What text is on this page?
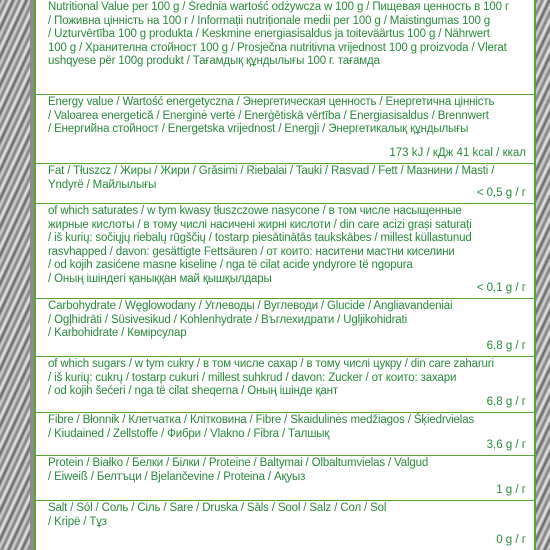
Nutritional Value per 100 g / Średnia wartość odżywcza w 100 g / Пищевая ценность в 100 г
/ Поживна цінність на 100 г / Informații nutriționale medii per 100 g / Maistingumas 100 g
/ Uzturvērtība 100 g produkta / Keskmine energiasisaldus ja toiteväärtus 100 g / Nährwert
100 g / Хранителна стойност 100 g / Prosječna nutritivna vrijednost 100 g proizvoda / Vlerat
ushqyese për 100g produkt / Тағамдық құндылығы 100 г. тағамда
Energy value / Wartość energetyczna / Энергетическая ценность / Енергетична цінність
/ Valoarea energetică / Energinė vertė / Enerģētiskā vērtība / Energiasisaldus / Brennwert
/ Енергийна стойност / Energetska vrijednost / Energji / Энергетикалық құндылығы
173 kJ / кДж 41 kcal / ккал
Fat / Tłuszcz / Жиры / Жири / Grăsimi / Riebalai / Tauki / Rasvad / Fett / Мазнини / Masti /
Yndyrë / Майлылығы
< 0,5 g / г
of which saturates / w tym kwasy tłuszczowe nasycone / в том числе насыщенные
жирные кислоты / в тому числі насичені жирні кислоти / din care acizi grași saturați
/ iš kurių: sočiųjų riebalų rūgščių / tostarp piesātinātās taukskābes / millest küllastunud
rasvhapped / davon: gesättigte Fettsäuren / от които: наситени мастни киселини
/ od kojih zasićene masne kiseline / nga të cilat acide yndyrore të ngopura
/ Оның ішіндегі қаныққан май қышқылдары
< 0,1 g / г
Carbohydrate / Węglowodany / Углеводы / Вуглеводи / Glucide / Angliavandeniai
/ Ogļhidrāti / Süsivesikud / Kohlenhydrate / Въглехидрати / Ugljikohidrati
/ Karbohidrate / Көмірсулар
6,8 g / г
of which sugars / w tym cukry / в том числе сахар / в тому числі цукру / din care zaharuri
/ iš kurių: cukrų / tostarp cukuri / millest suhkrud / davon: Zucker / от които: захари
/ od kojih šećeri / nga të cilat sheqerna / Оның ішінде қант
6,8 g / г
Fibre / Błonnik / Клетчатка / Клітковина / Fibre / Skaidulinės medžiagos / Šķiedrvielas
/ Kiudained / Zellstoffe / Фибри / Vlakno / Fibra / Талшық
3,6 g / г
Protein / Białko / Белки / Білки / Proteine / Baltymai / Olbaltumvielas / Valgud
/ Eiweiß / Белтъци / Bjelančevine / Proteina / Ақуыз
1 g / г
Salt / Sól / Соль / Сіль / Sare / Druska / Sāls / Sool / Salz / Сол / Sol
/ Kripë / Тұз
0 g / г
